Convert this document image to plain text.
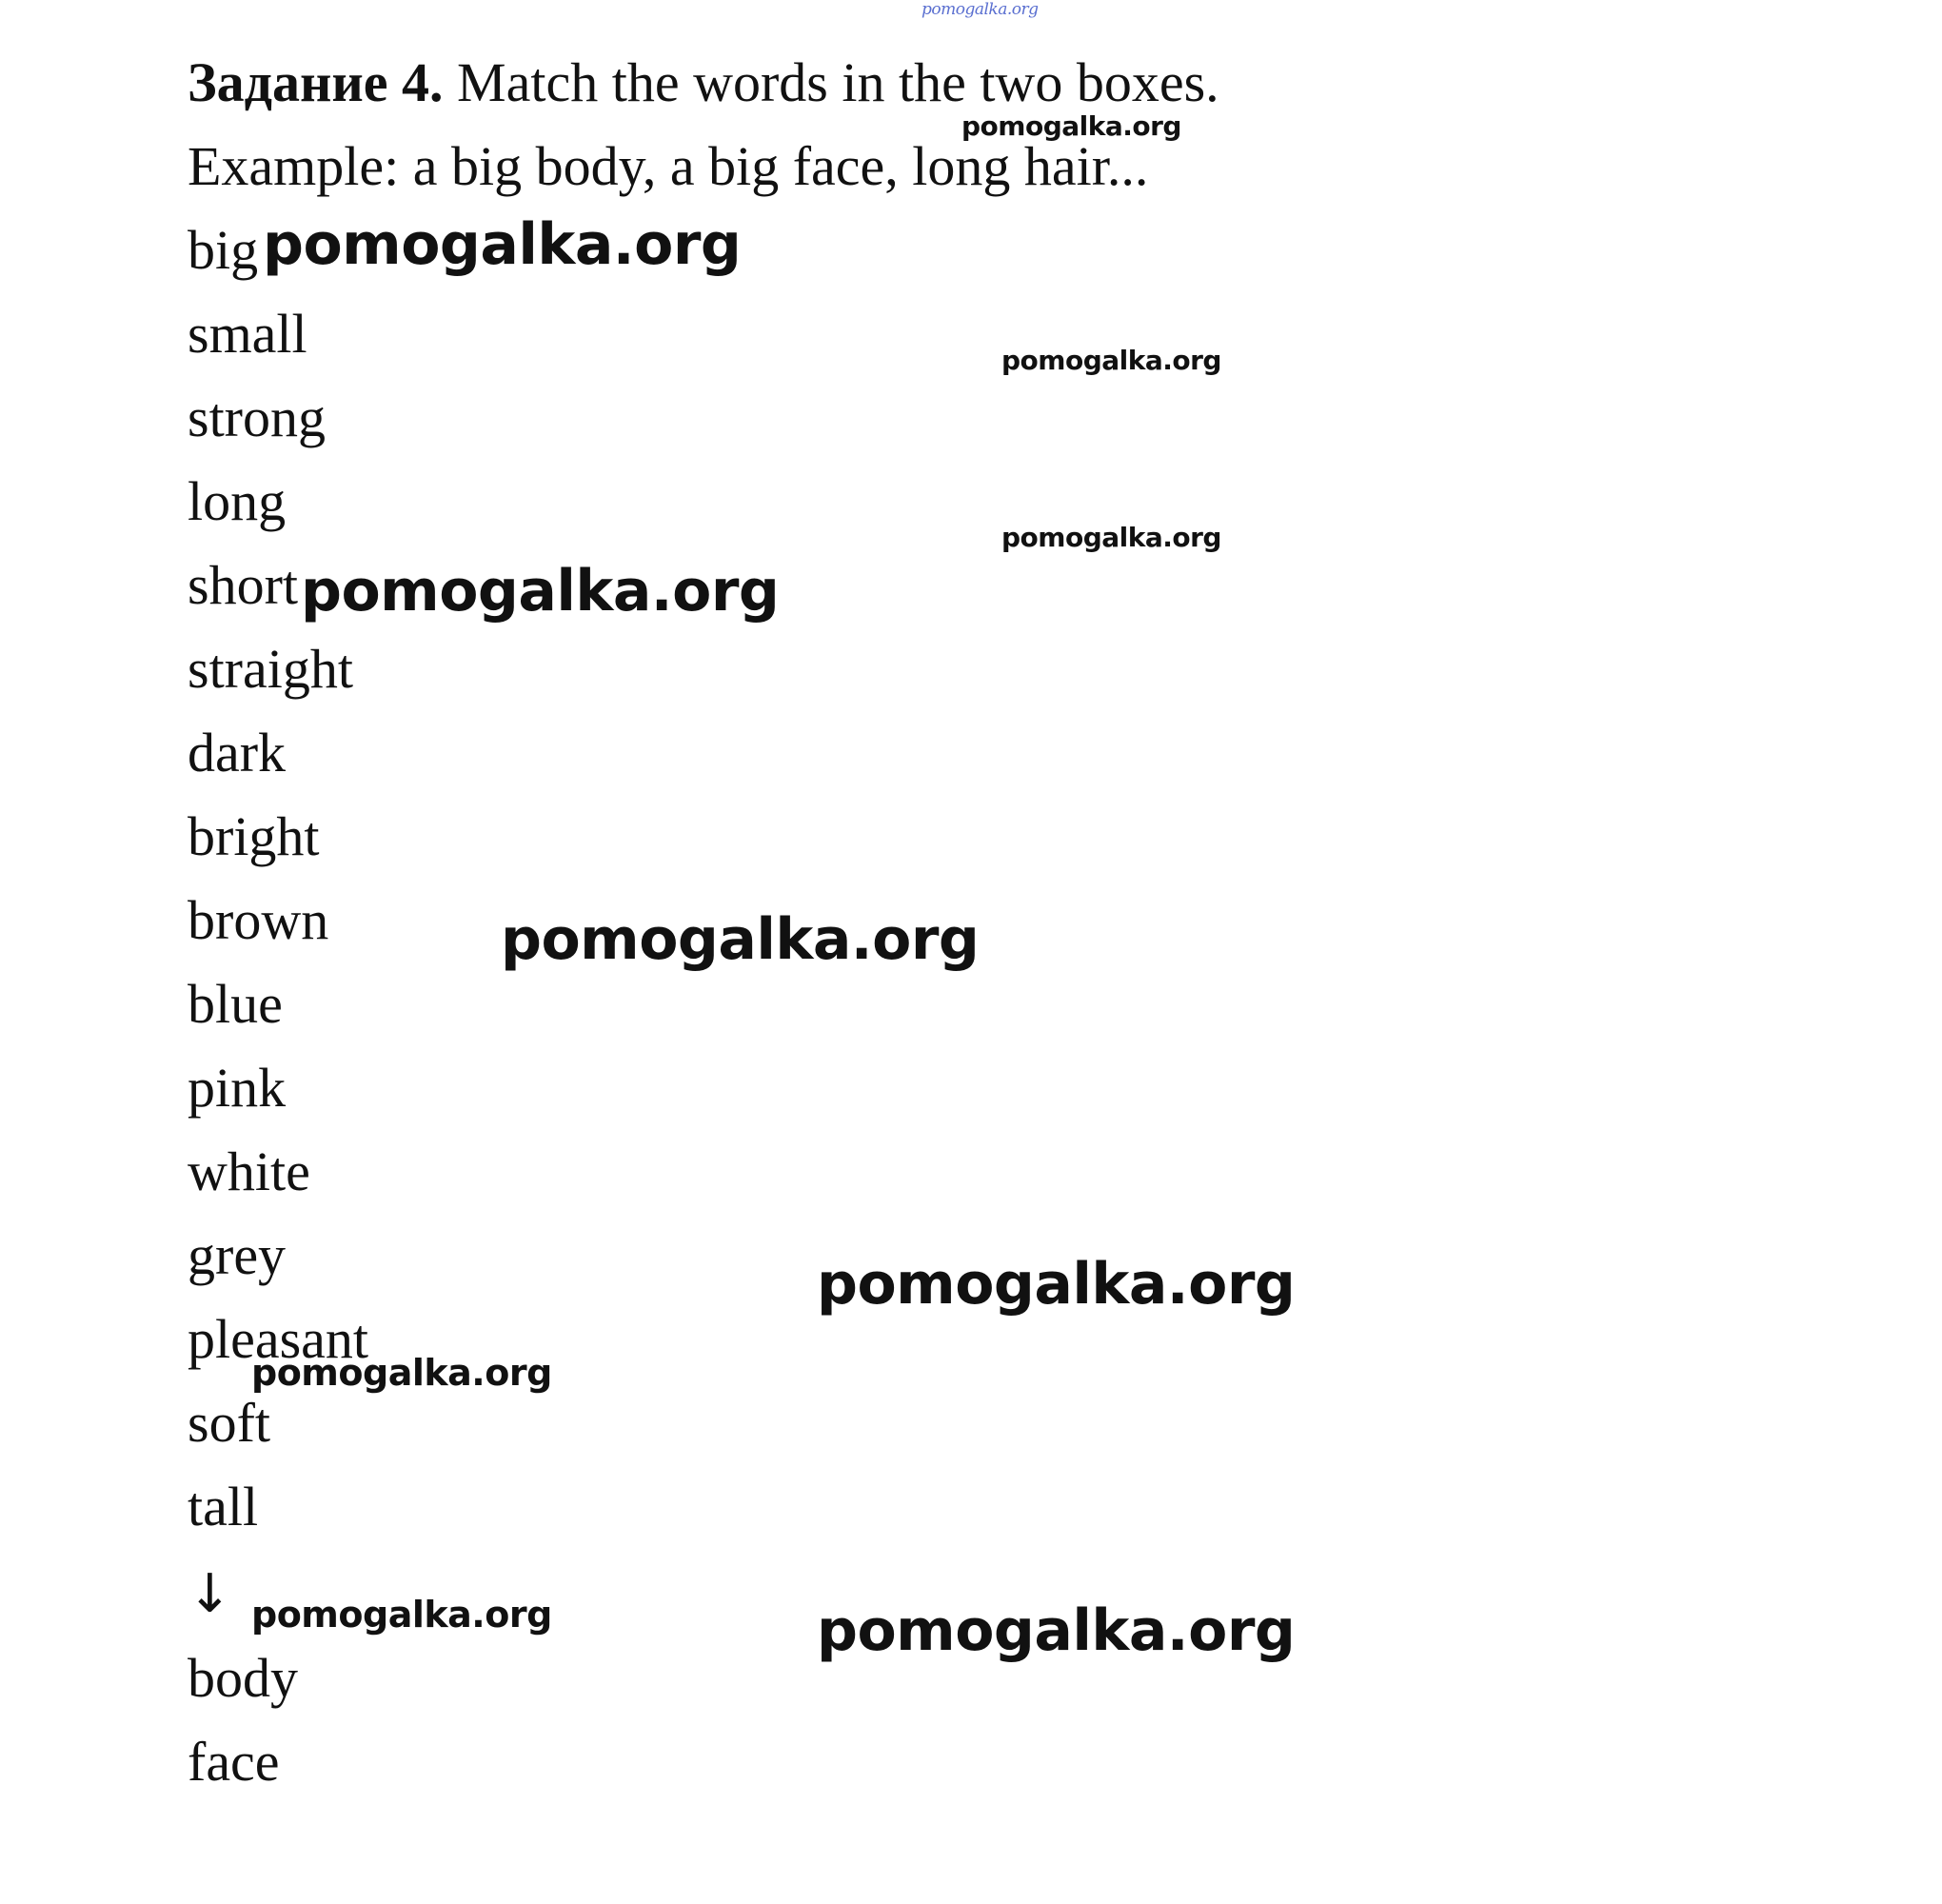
pomogalka.org
Задание 4. Match the words in the two boxes.
pomogalka.org
Example: a big body, a big face, long hair...
big
small
strong
long
short
straight
dark
bright
brown
blue
pink
white
grey
pleasant
soft
tall
↓
body
face
pomogalka.org
pomogalka.org
pomogalka.org
pomogalka.org
pomogalka.org
pomogalka.org
pomogalka.org
pomogalka.org	pomogalka.org
